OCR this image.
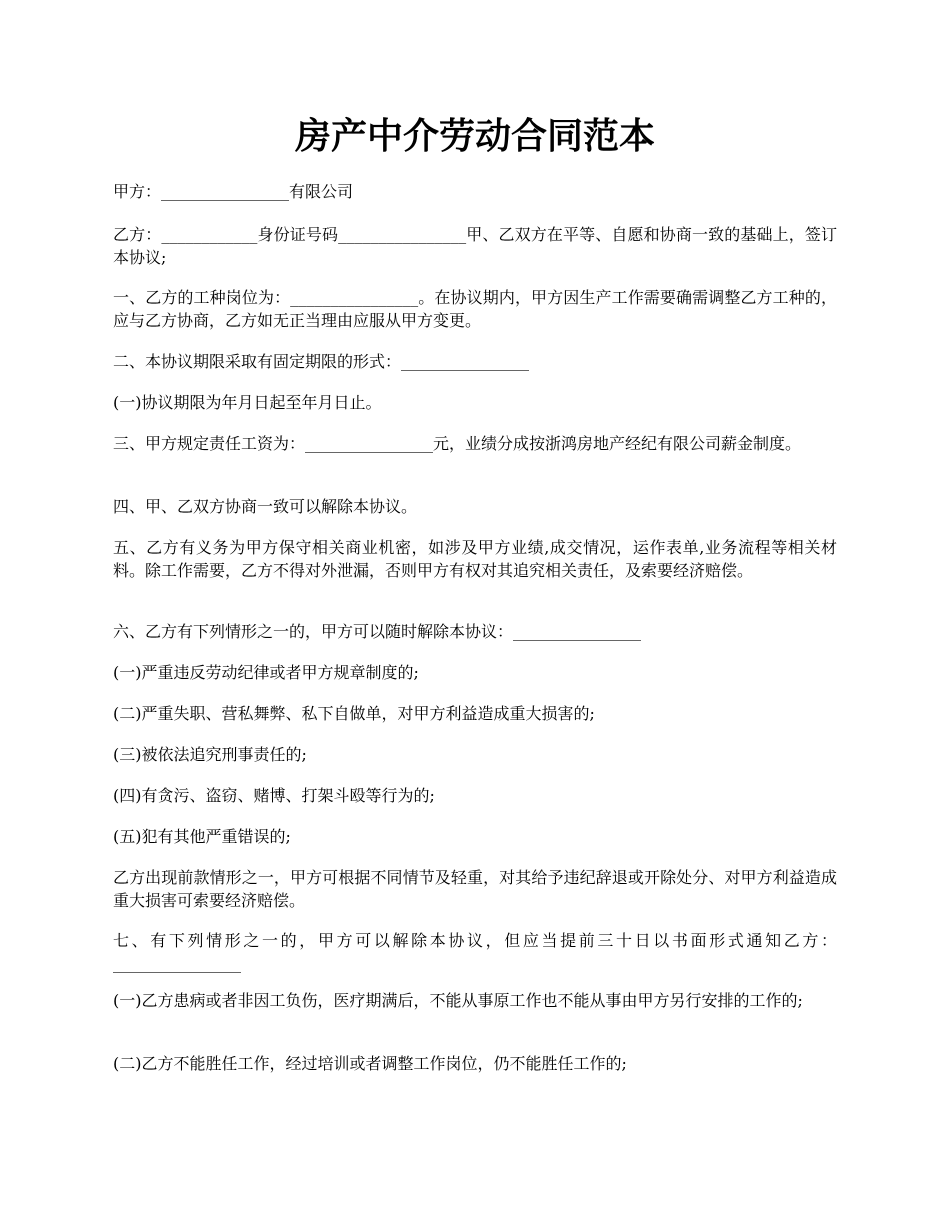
房产中介劳动合同范本

甲方：________________有限公司

乙方：____________身份证号码________________甲、乙双方在平等、自愿和协商一致的基础上，签订本协议;

一、乙方的工种岗位为：________________。在协议期内，甲方因生产工作需要确需调整乙方工种的，应与乙方协商，乙方如无正当理由应服从甲方变更。

二、本协议期限采取有固定期限的形式：________________

(一)协议期限为年月日起至年月日止。

三、甲方规定责任工资为：________________元，业绩分成按浙鸿房地产经纪有限公司薪金制度。

四、甲、乙双方协商一致可以解除本协议。

五、乙方有义务为甲方保守相关商业机密，如涉及甲方业绩,成交情况，运作表单,业务流程等相关材料。除工作需要，乙方不得对外泄漏，否则甲方有权对其追究相关责任，及索要经济赔偿。

六、乙方有下列情形之一的，甲方可以随时解除本协议：________________

(一)严重违反劳动纪律或者甲方规章制度的;

(二)严重失职、营私舞弊、私下自做单，对甲方利益造成重大损害的;

(三)被依法追究刑事责任的;

(四)有贪污、盗窃、赌博、打架斗殴等行为的;

(五)犯有其他严重错误的;

乙方出现前款情形之一，甲方可根据不同情节及轻重，对其给予违纪辞退或开除处分、对甲方利益造成重大损害可索要经济赔偿。

七、有下列情形之一的，甲方可以解除本协议，但应当提前三十日以书面形式通知乙方：________________

(一)乙方患病或者非因工负伤，医疗期满后，不能从事原工作也不能从事由甲方另行安排的工作的;

(二)乙方不能胜任工作，经过培训或者调整工作岗位，仍不能胜任工作的;
